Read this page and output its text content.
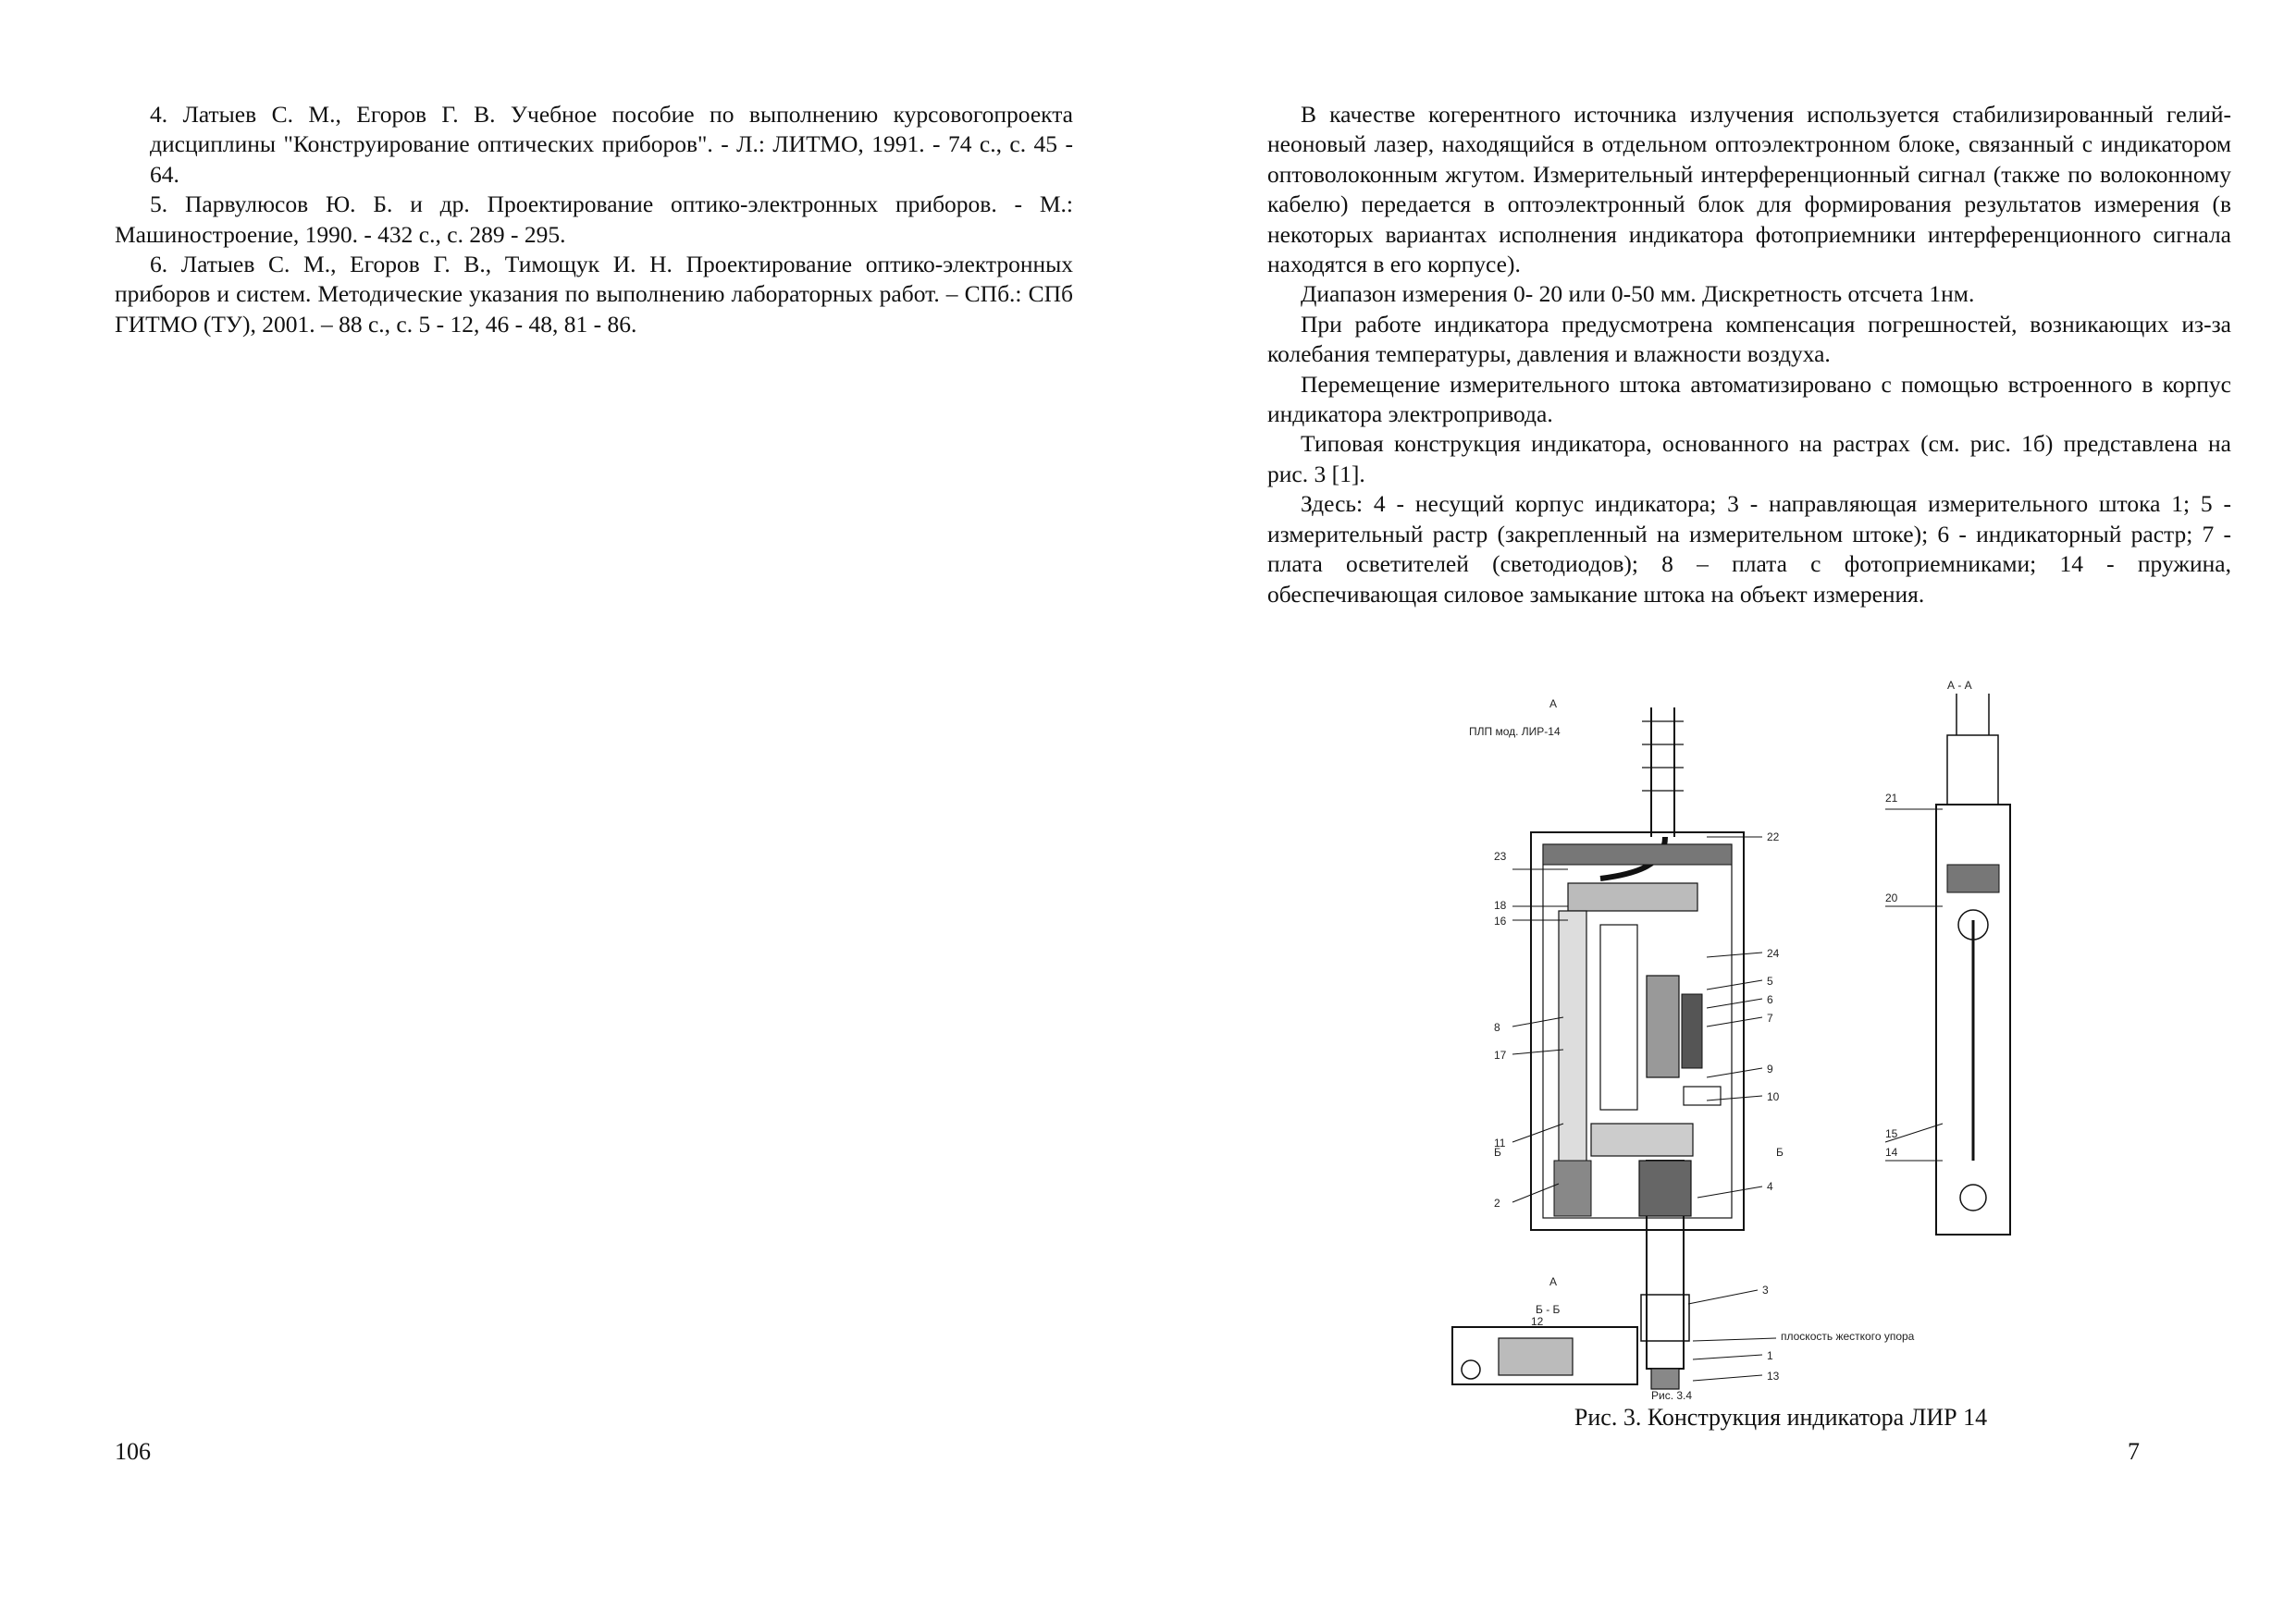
4. Латыев С. М., Егоров Г. В. Учебное пособие по выполнению курсовогопроекта дисциплины "Конструирование оптических приборов". - Л.: ЛИТМО, 1991. - 74 с., с. 45 - 64.

5. Парвулюсов Ю. Б. и др. Проектирование оптико-электронных приборов. - М.: Машиностроение, 1990. - 432 с., с. 289 - 295.

6. Латыев С. М., Егоров Г. В., Тимощук И. Н. Проектирование оптико-электронных приборов и систем. Методические указания по выполнению лабораторных работ. – СПб.: СПб ГИТМО (ТУ), 2001. – 88 с., с. 5 - 12, 46 - 48, 81 - 86.

106

В качестве когерентного источника излучения используется стабилизированный гелий-неоновый лазер, находящийся в отдельном оптоэлектронном блоке, связанный с индикатором оптоволоконным жгутом. Измерительный интерференционный сигнал (также по волоконному кабелю) передается в оптоэлектронный блок для формирования результатов измерения (в некоторых вариантах исполнения индикатора фотоприемники интерференционного сигнала находятся в его корпусе).

Диапазон измерения 0- 20 или 0-50 мм. Дискретность отсчета 1нм.

При работе индикатора предусмотрена компенсация погрешностей, возникающих из-за колебания температуры, давления и влажности воздуха.

Перемещение измерительного штока автоматизировано с помощью встроенного в корпус индикатора электропривода.

Типовая конструкция индикатора, основанного на растрах (см. рис. 1б) представлена на рис. 3 [1].

Здесь: 4 - несущий корпус индикатора; 3 - направляющая измерительного штока 1; 5 - измерительный растр (закрепленный на измерительном штоке); 6 - индикаторный растр; 7 - плата осветителей (светодиодов); 8 – плата с фотоприемниками; 14 - пружина, обеспечивающая силовое замыкание штока на объект измерения.

ПЛП мод. ЛИР-14
А
А
Б	Б
А - А
Б - Б
22
23
18
16
24
5
6
7
8
17
9
10
11
2
4
3
1
13
12
21
20
15
14
плоскость жесткого упора
Рис. 3.4
Рис. 3. Конструкция индикатора ЛИР 14
7
